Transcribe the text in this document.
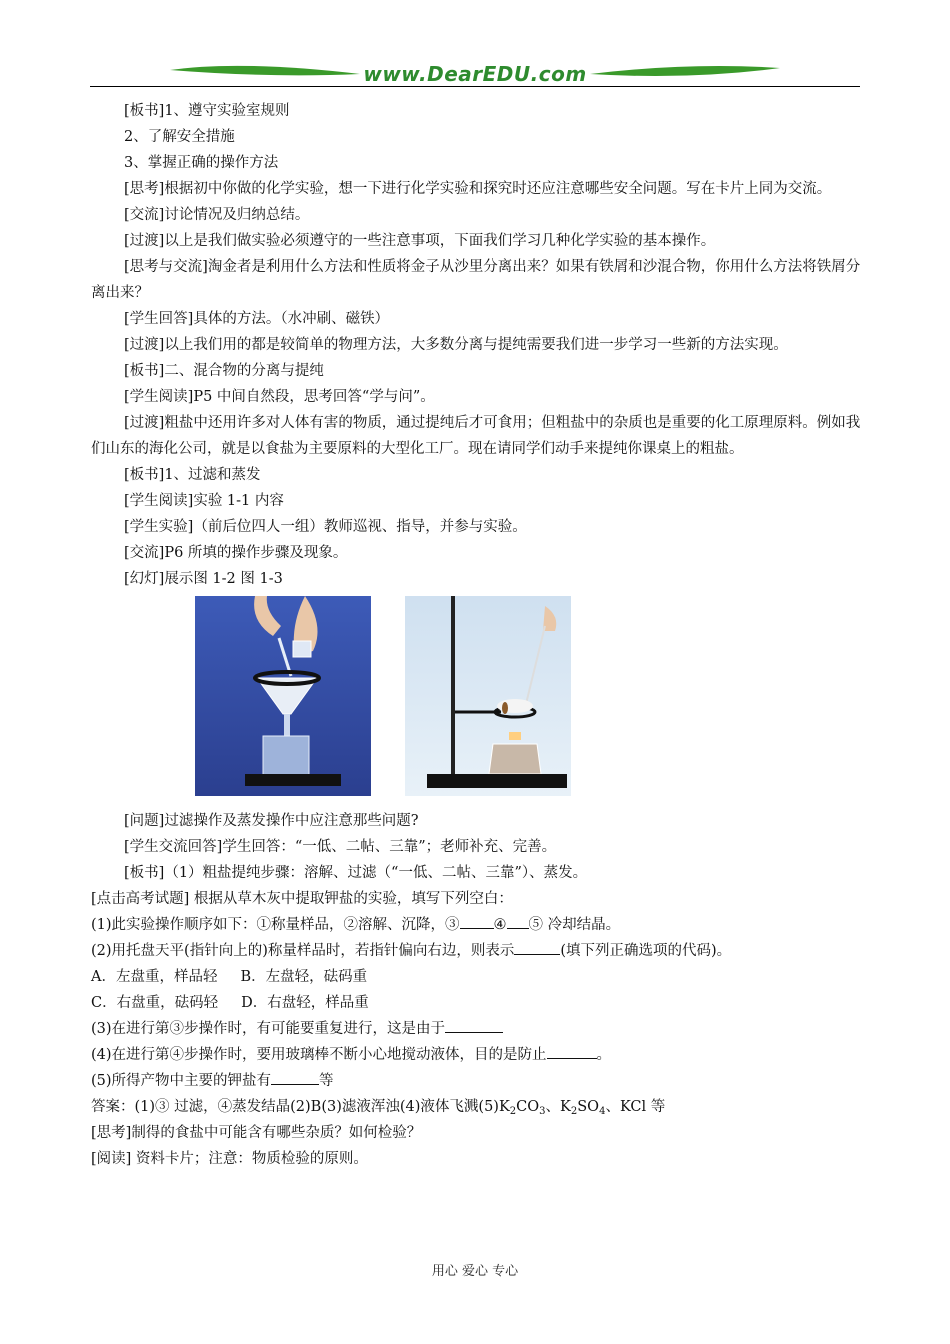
www.DearEDU.com

[板书]1、遵守实验室规则

2、了解安全措施

3、掌握正确的操作方法

[思考]根据初中你做的化学实验，想一下进行化学实验和探究时还应注意哪些安全问题。写在卡片上同为交流。

[交流]讨论情况及归纳总结。

[过渡]以上是我们做实验必须遵守的一些注意事项，下面我们学习几种化学实验的基本操作。

[思考与交流]淘金者是利用什么方法和性质将金子从沙里分离出来？如果有铁屑和沙混合物，你用什么方法将铁屑分离出来？

[学生回答]具体的方法。（水冲刷、磁铁）

[过渡]以上我们用的都是较简单的物理方法，大多数分离与提纯需要我们进一步学习一些新的方法实现。

[板书]二、混合物的分离与提纯

[学生阅读]P5 中间自然段，思考回答“学与问”。

[过渡]粗盐中还用许多对人体有害的物质，通过提纯后才可食用；但粗盐中的杂质也是重要的化工原理原料。例如我们山东的海化公司，就是以食盐为主要原料的大型化工厂。现在请同学们动手来提纯你课桌上的粗盐。

[板书]1、过滤和蒸发

[学生阅读]实验 1-1 内容

[学生实验]（前后位四人一组）教师巡视、指导，并参与实验。

[交流]P6 所填的操作步骤及现象。

[幻灯]展示图 1-2 图 1-3

[问题]过滤操作及蒸发操作中应注意那些问题?

[学生交流回答]学生回答：“一低、二帖、三靠”；老师补充、完善。

[板书]（1）粗盐提纯步骤：溶解、过滤（“一低、二帖、三靠”）、蒸发。

[点击高考试题] 根据从草木灰中提取钾盐的实验，填写下列空白：

(1)此实验操作顺序如下：①称量样品，②溶解、沉降，③ ④ ⑤ 冷却结晶。

(2)用托盘天平(指针向上的)称量样品时，若指针偏向右边，则表示	(填下列正确选项的代码)。

A．左盘重，样品轻     B．左盘轻，砝码重

C．右盘重，砝码轻     D．右盘轻，样品重

(3)在进行第③步操作时，有可能要重复进行，这是由于

(4)在进行第④步操作时，要用玻璃棒不断小心地搅动液体，目的是防止	。

(5)所得产物中主要的钾盐有	等

答案：(1)③ 过滤，④蒸发结晶(2)B(3)滤液浑浊(4)液体飞溅$(5)K_2CO_3$、$K_2SO_4$、KCl 等

[思考]制得的食盐中可能含有哪些杂质？如何检验？

[阅读] 资料卡片；注意：物质检验的原则。

用心 爱心 专心
